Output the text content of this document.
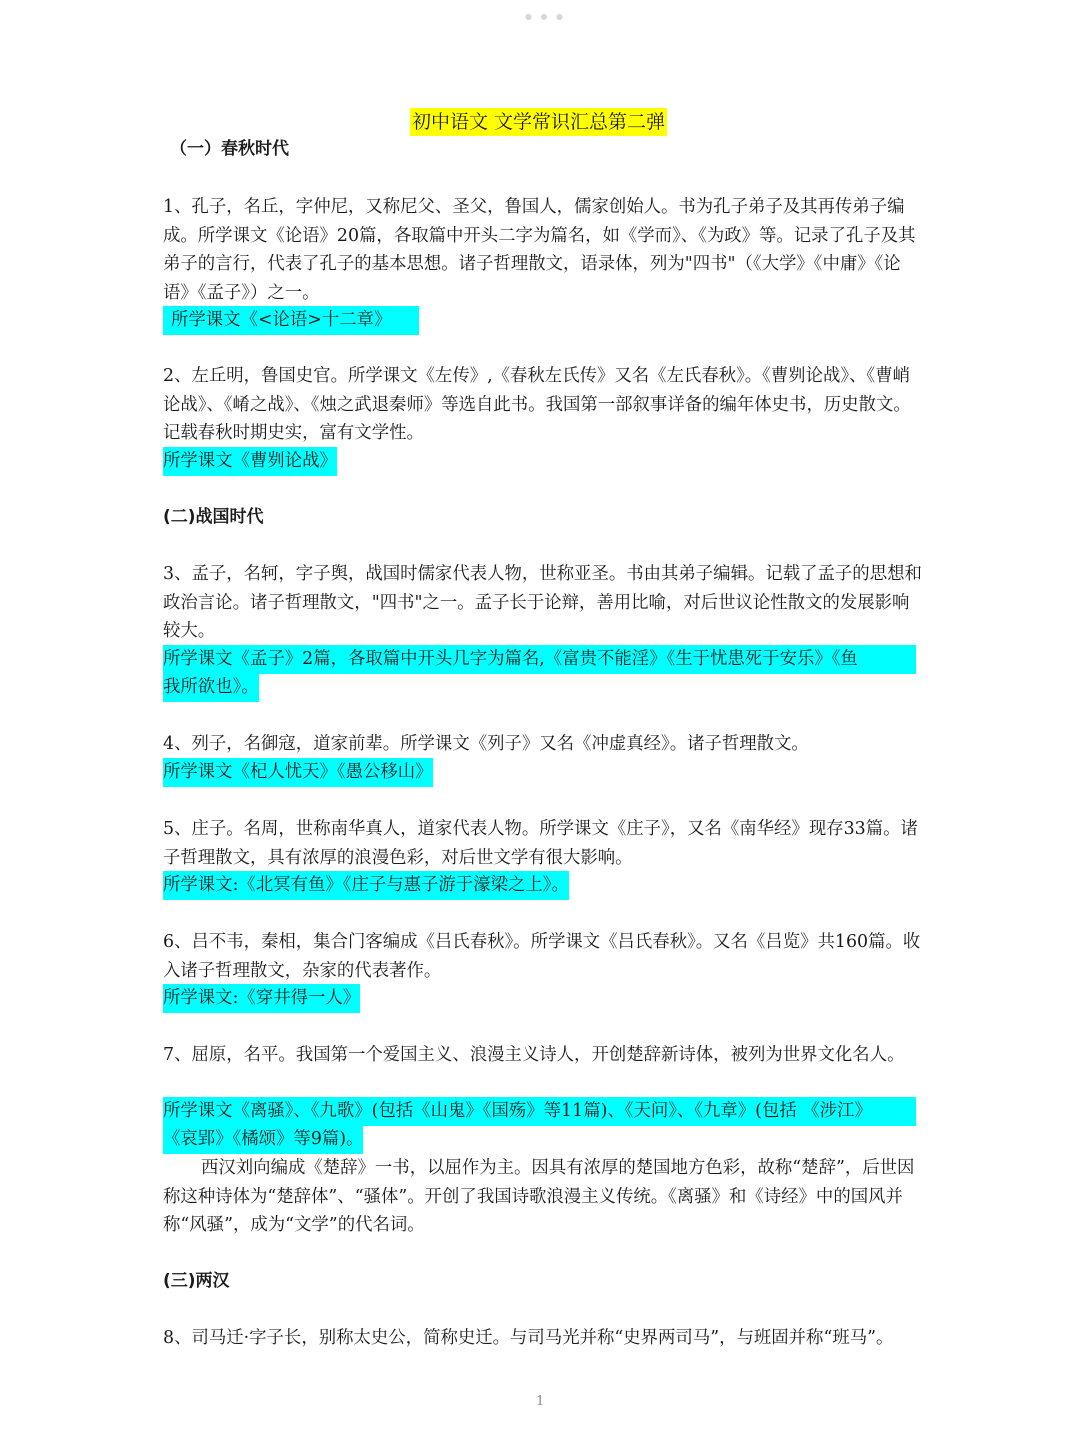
● ● ●
初中语文 文学常识汇总第二弹
（一）春秋时代

1、孔子，名丘，字仲尼，又称尼父、圣父，鲁国人，儒家创始人。书为孔子弟子及其再传弟子编成。所学课文《论语》20篇，各取篇中开头二字为篇名，如《学而》、《为政》等。记录了孔子及其弟子的言行，代表了孔子的基本思想。诸子哲理散文，语录体，列为"四书"（《大学》《中庸》《论语》《孟子》）之一。

所学课文《<论语>十二章》

2、左丘明，鲁国史官。所学课文《左传》,《春秋左氏传》又名《左氏春秋》。《曹刿论战》、《曹峭论战》、《崤之战》、《烛之武退秦师》等选自此书。我国第一部叙事详备的编年体史书，历史散文。记载春秋时期史实，富有文学性。

所学课文《曹刿论战》
(二)战国时代

3、孟子，名轲，字子舆，战国时儒家代表人物，世称亚圣。书由其弟子编辑。记载了孟子的思想和政治言论。诸子哲理散文，"四书"之一。孟子长于论辩，善用比喻，对后世议论性散文的发展影响较大。

所学课文《孟子》2篇，各取篇中开头几字为篇名,《富贵不能淫》《生于忧患死于安乐》《鱼
我所欲也》。

4、列子，名御寇，道家前辈。所学课文《列子》又名《冲虚真经》。诸子哲理散文。

所学课文《杞人忧天》《愚公移山》

5、庄子。名周，世称南华真人，道家代表人物。所学课文《庄子》，又名《南华经》现存33篇。诸子哲理散文，具有浓厚的浪漫色彩，对后世文学有很大影响。

所学课文:《北冥有鱼》《庄子与惠子游于濠梁之上》。

6、吕不韦，秦相，集合门客编成《吕氏春秋》。所学课文《吕氏春秋》。又名《吕览》共160篇。收入诸子哲理散文，杂家的代表著作。

所学课文:《穿井得一人》

7、屈原，名平。我国第一个爱国主义、浪漫主义诗人，开创楚辞新诗体，被列为世界文化名人。

所学课文《离骚》、《九歌》(包括《山鬼》《国殇》等11篇)、《天问》、《九章》(包括 《涉江》
《哀郢》《橘颂》等9篇)。

西汉刘向编成《楚辞》一书，以屈作为主。因具有浓厚的楚国地方色彩，故称“楚辞”，后世因称这种诗体为“楚辞体”、“骚体”。开创了我国诗歌浪漫主义传统。《离骚》和《诗经》中的国风并称“风骚”，成为“文学”的代名词。

(三)两汉

8、司马迁·字子长，别称太史公，简称史迁。与司马光并称“史界两司马”，与班固并称“班马”。

1
